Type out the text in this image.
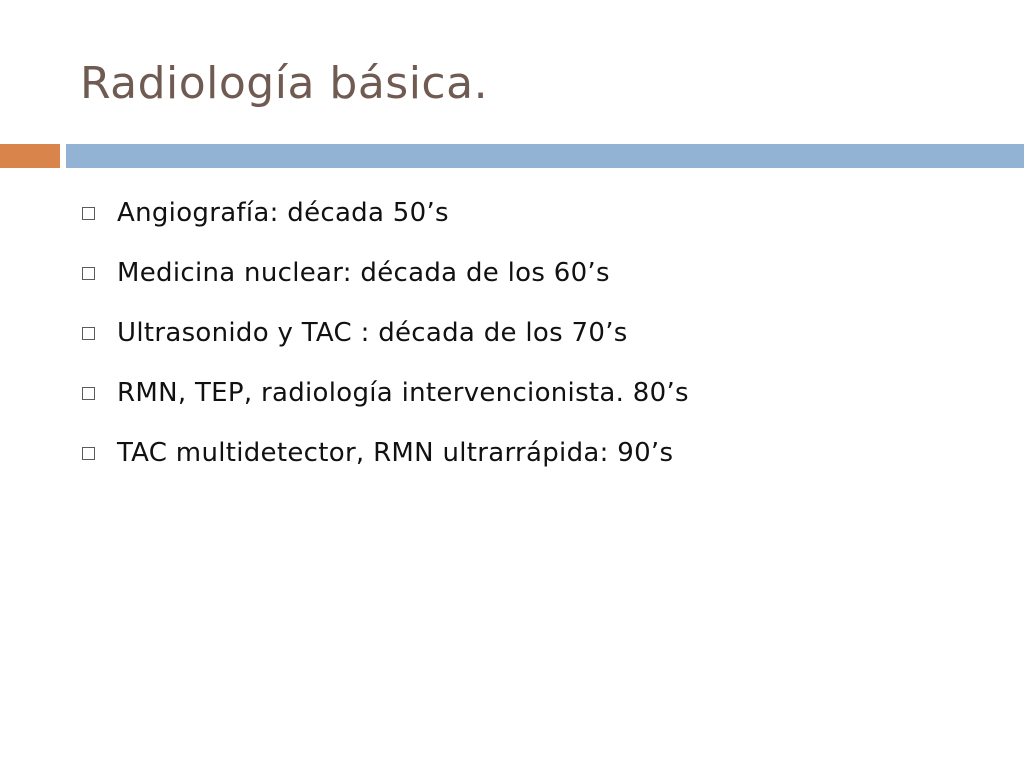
Radiología básica.
Angiografía: década 50’s
Medicina nuclear: década de los 60’s
Ultrasonido y TAC : década de los 70’s
RMN, TEP, radiología intervencionista. 80’s
TAC multidetector, RMN ultrarrápida: 90’s
